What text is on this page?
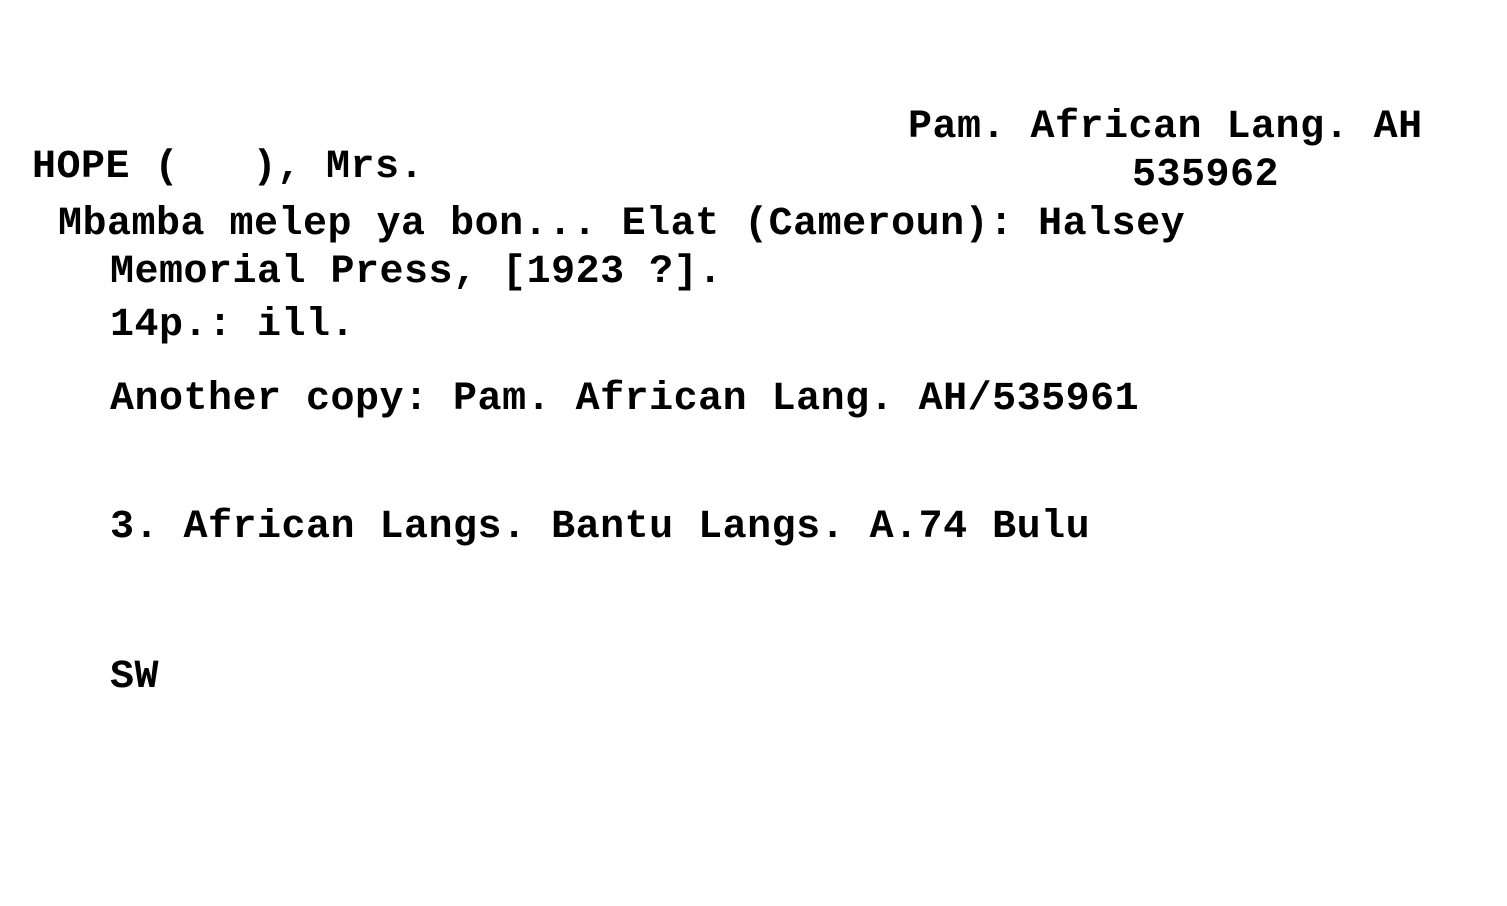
Pam. African Lang. AH
535962
HOPE (   ), Mrs.
Mbamba melep ya bon... Elat (Cameroun): Halsey
Memorial Press, [1923 ?].
14p.: ill.
Another copy: Pam. African Lang. AH/535961
3. African Langs. Bantu Langs. A.74 Bulu
SW
